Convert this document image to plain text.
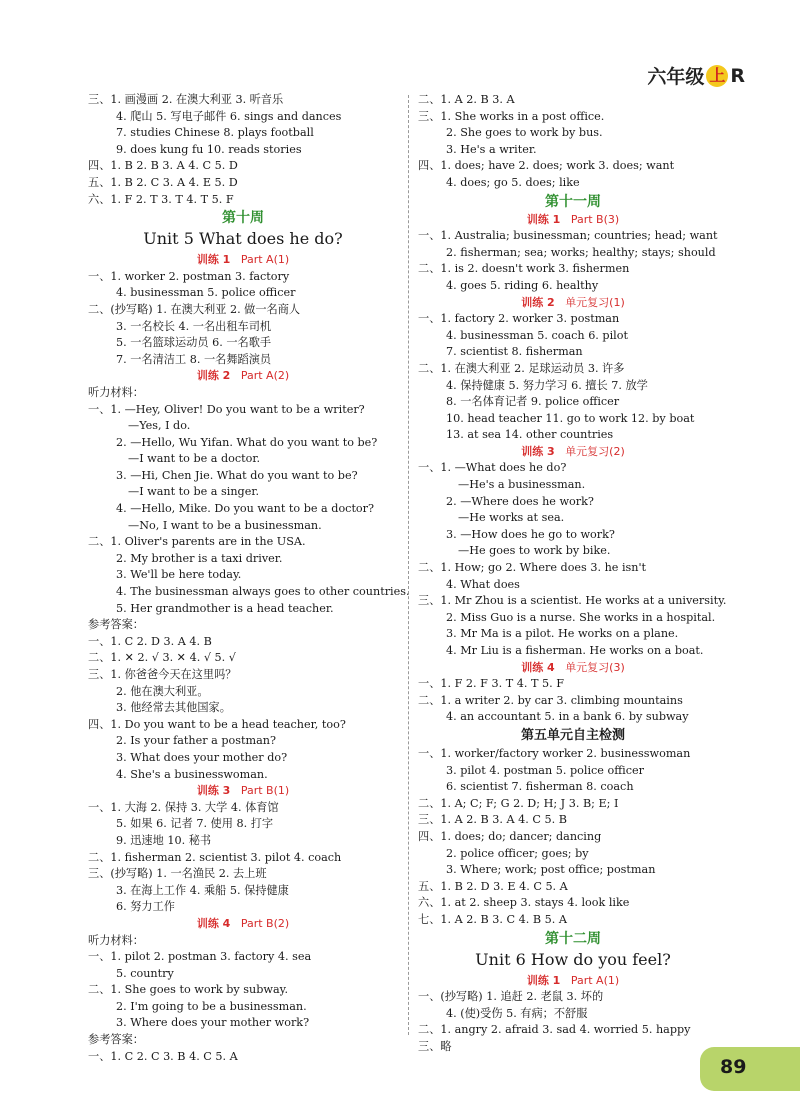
六年级 上 R
三、1. 画漫画 2. 在澳大利亚 3. 听音乐
4. 爬山 5. 写电子邮件 6. sings and dances
7. studies Chinese 8. plays football
9. does kung fu 10. reads stories
四、1. B 2. B 3. A 4. C 5. D
五、1. B 2. C 3. A 4. E 5. D
六、1. F 2. T 3. T 4. T 5. F
第十周
Unit 5 What does he do?
训练 1 Part A(1)
一、1. worker 2. postman 3. factory
4. businessman 5. police officer
二、(抄写略) 1. 在澳大利亚 2. 做一名商人
3. 一名校长 4. 一名出租车司机
5. 一名篮球运动员 6. 一名歌手
7. 一名清洁工 8. 一名舞蹈演员
训练 2 Part A(2)
听力材料：
一、1. —Hey, Oliver! Do you want to be a writer?
—Yes, I do.
2. —Hello, Wu Yifan. What do you want to be?
—I want to be a doctor.
3. —Hi, Chen Jie. What do you want to be?
—I want to be a singer.
4. —Hello, Mike. Do you want to be a doctor?
—No, I want to be a businessman.
二、1. Oliver's parents are in the USA.
2. My brother is a taxi driver.
3. We'll be here today.
4. The businessman always goes to other countries.
5. Her grandmother is a head teacher.
参考答案：
一、1. C 2. D 3. A 4. B
二、1. ✕ 2. √ 3. ✕ 4. √ 5. √
三、1. 你爸爸今天在这里吗？
2. 他在澳大利亚。
3. 他经常去其他国家。
四、1. Do you want to be a head teacher, too?
2. Is your father a postman?
3. What does your mother do?
4. She's a businesswoman.
训练 3 Part B(1)
一、1. 大海 2. 保持 3. 大学 4. 体育馆
5. 如果 6. 记者 7. 使用 8. 打字
9. 迅速地 10. 秘书
二、1. fisherman 2. scientist 3. pilot 4. coach
三、(抄写略) 1. 一名渔民 2. 去上班
3. 在海上工作 4. 乘船 5. 保持健康
6. 努力工作
训练 4 Part B(2)
听力材料：
一、1. pilot 2. postman 3. factory 4. sea
5. country
二、1. She goes to work by subway.
2. I'm going to be a businessman.
3. Where does your mother work?
参考答案：
一、1. C 2. C 3. B 4. C 5. A
二、1. A 2. B 3. A
三、1. She works in a post office.
2. She goes to work by bus.
3. He's a writer.
四、1. does; have 2. does; work 3. does; want
4. does; go 5. does; like
第十一周
训练 1 Part B(3)
一、1. Australia; businessman; countries; head; want
2. fisherman; sea; works; healthy; stays; should
二、1. is 2. doesn't work 3. fishermen
4. goes 5. riding 6. healthy
训练 2 单元复习(1)
一、1. factory 2. worker 3. postman
4. businessman 5. coach 6. pilot
7. scientist 8. fisherman
二、1. 在澳大利亚 2. 足球运动员 3. 许多
4. 保持健康 5. 努力学习 6. 擅长 7. 放学
8. 一名体育记者 9. police officer
10. head teacher 11. go to work 12. by boat
13. at sea 14. other countries
训练 3 单元复习(2)
一、1. —What does he do?
—He's a businessman.
2. —Where does he work?
—He works at sea.
3. —How does he go to work?
—He goes to work by bike.
二、1. How; go 2. Where does 3. he isn't
4. What does
三、1. Mr Zhou is a scientist. He works at a university.
2. Miss Guo is a nurse. She works in a hospital.
3. Mr Ma is a pilot. He works on a plane.
4. Mr Liu is a fisherman. He works on a boat.
训练 4 单元复习(3)
一、1. F 2. F 3. T 4. T 5. F
二、1. a writer 2. by car 3. climbing mountains
4. an accountant 5. in a bank 6. by subway
第五单元自主检测
一、1. worker/factory worker 2. businesswoman
3. pilot 4. postman 5. police officer
6. scientist 7. fisherman 8. coach
二、1. A; C; F; G 2. D; H; J 3. B; E; I
三、1. A 2. B 3. A 4. C 5. B
四、1. does; do; dancer; dancing
2. police officer; goes; by
3. Where; work; post office; postman
五、1. B 2. D 3. E 4. C 5. A
六、1. at 2. sheep 3. stays 4. look like
七、1. A 2. B 3. C 4. B 5. A
第十二周
Unit 6 How do you feel?
训练 1 Part A(1)
一、(抄写略) 1. 追赶 2. 老鼠 3. 坏的
4. (使)受伤 5. 有病；不舒服
二、1. angry 2. afraid 3. sad 4. worried 5. happy
三、略
89
